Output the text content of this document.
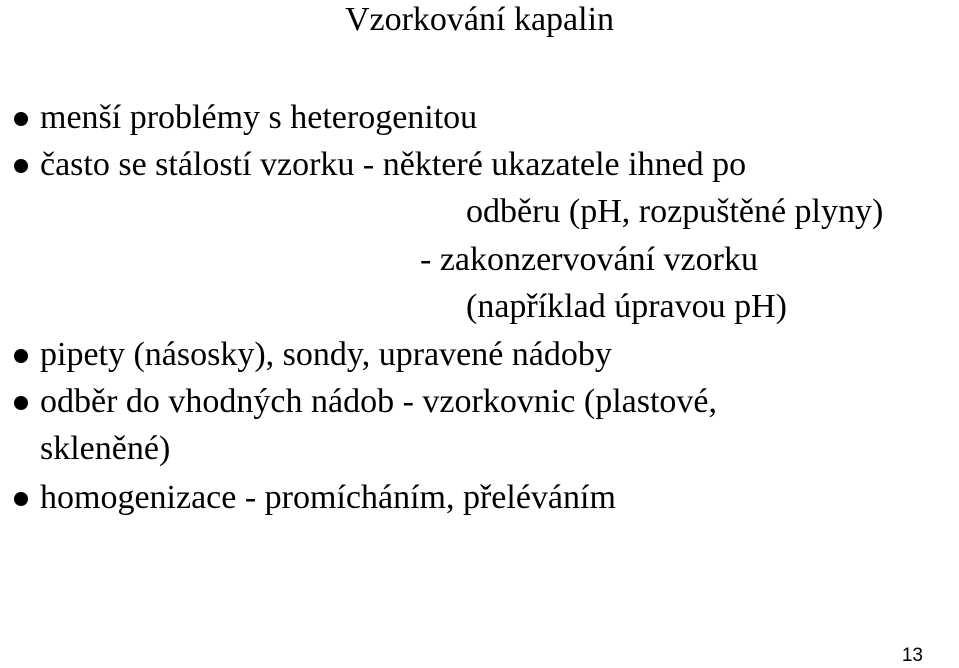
Vzorkování kapalin
menší problémy s heterogenitou
často se stálostí vzorku - některé ukazatele ihned po
odběru (pH, rozpuštěné plyny)
- zakonzervování vzorku
(například úpravou pH)
pipety (násosky), sondy, upravené nádoby
odběr do vhodných nádob - vzorkovnic (plastové,
skleněné)
homogenizace - promícháním, přeléváním
13
